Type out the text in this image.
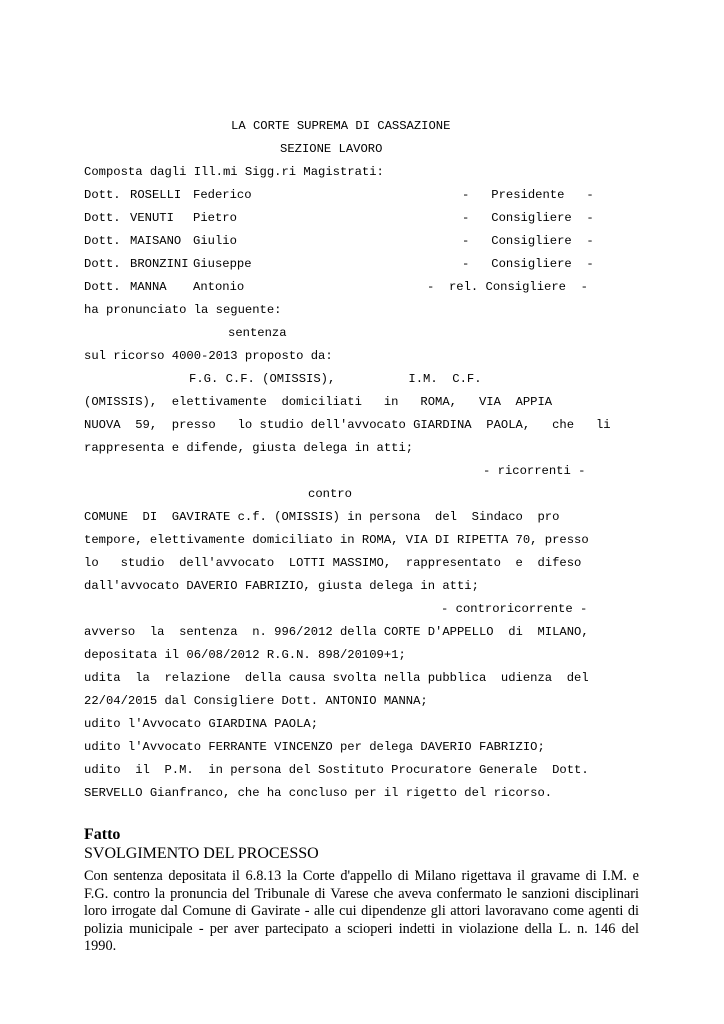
LA CORTE SUPREMA DI CASSAZIONE
SEZIONE LAVORO
Composta dagli Ill.mi Sigg.ri Magistrati:
Dott. ROSELLI Federico	-   Presidente   -
Dott. VENUTI Pietro	-   Consigliere  -
Dott. MAISANO Giulio	-   Consigliere  -
Dott. BRONZINI Giuseppe	-   Consigliere  -
Dott. MANNA Antonio	-  rel. Consigliere  -
ha pronunciato la seguente:
sentenza
sul ricorso 4000-2013 proposto da:
F.G. C.F. (OMISSIS),          I.M.  C.F.
(OMISSIS),  elettivamente  domiciliati   in   ROMA,   VIA  APPIA
NUOVA  59,  presso   lo studio dell'avvocato GIARDINA  PAOLA,   che   li
rappresenta e difende, giusta delega in atti;
- ricorrenti -
contro
COMUNE  DI  GAVIRATE c.f. (OMISSIS) in persona  del  Sindaco  pro
tempore, elettivamente domiciliato in ROMA, VIA DI RIPETTA 70, presso
lo   studio  dell'avvocato  LOTTI MASSIMO,  rappresentato  e  difeso
dall'avvocato DAVERIO FABRIZIO, giusta delega in atti;
- controricorrente -
avverso  la  sentenza  n. 996/2012 della CORTE D'APPELLO  di  MILANO,
depositata il 06/08/2012 R.G.N. 898/20109+1;
udita  la  relazione  della causa svolta nella pubblica  udienza  del
22/04/2015 dal Consigliere Dott. ANTONIO MANNA;
udito l'Avvocato GIARDINA PAOLA;
udito l'Avvocato FERRANTE VINCENZO per delega DAVERIO FABRIZIO;
udito  il  P.M.  in persona del Sostituto Procuratore Generale  Dott.
SERVELLO Gianfranco, che ha concluso per il rigetto del ricorso.
Fatto
SVOLGIMENTO DEL PROCESSO
Con sentenza depositata il 6.8.13 la Corte d'appello di Milano rigettava il gravame di I.M. e
F.G. contro la pronuncia del Tribunale di Varese che aveva confermato le sanzioni disciplinari
loro irrogate dal Comune di Gavirate - alle cui dipendenze gli attori lavoravano come agenti di
polizia municipale - per aver partecipato a scioperi indetti in violazione della L. n. 146 del
1990.
